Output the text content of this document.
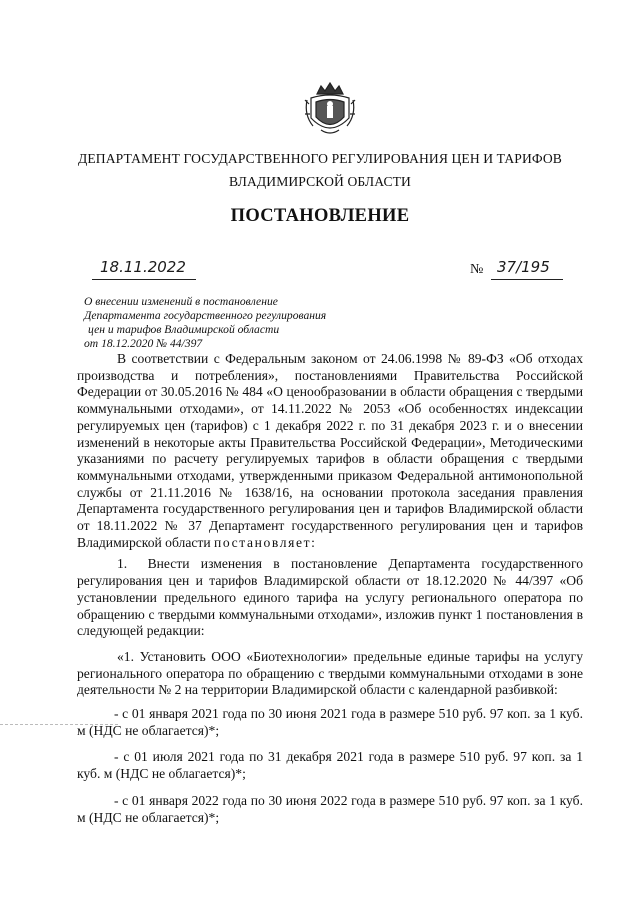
ДЕПАРТАМЕНТ ГОСУДАРСТВЕННОГО РЕГУЛИРОВАНИЯ ЦЕН И ТАРИФОВ
ВЛАДИМИРСКОЙ ОБЛАСТИ
ПОСТАНОВЛЕНИЕ
18.11.2022	№ 37/195
О внесении изменений в постановление
Департамента государственного регулирования
цен и тарифов Владимирской области
от 18.12.2020 № 44/397

В соответствии с Федеральным законом от 24.06.1998 № 89-ФЗ «Об отходах производства и потребления», постановлениями Правительства Российской Федерации от 30.05.2016 № 484 «О ценообразовании в области обращения с твердыми коммунальными отходами», от 14.11.2022 № 2053 «Об особенностях индексации регулируемых цен (тарифов) с 1 декабря 2022 г. по 31 декабря 2023 г. и о внесении изменений в некоторые акты Правительства Российской Федерации», Методическими указаниями по расчету регулируемых тарифов в области обращения с твердыми коммунальными отходами, утвержденными приказом Федеральной антимонопольной службы от 21.11.2016 № 1638/16, на основании протокола заседания правления Департамента государственного регулирования цен и тарифов Владимирской области от 18.11.2022 № 37 Департамент государственного регулирования цен и тарифов Владимирской области постановляет:

1.  Внести изменения в постановление Департамента государственного регулирования цен и тарифов Владимирской области от 18.12.2020 № 44/397 «Об установлении предельного единого тарифа на услугу регионального оператора по обращению с твердыми коммунальными отходами», изложив пункт 1 постановления в следующей редакции:

«1. Установить ООО «Биотехнологии» предельные единые тарифы на услугу регионального оператора по обращению с твердыми коммунальными отходами в зоне деятельности № 2 на территории Владимирской области с календарной разбивкой:

- с 01 января 2021 года по 30 июня 2021 года в размере 510 руб. 97 коп. за 1 куб. м (НДС не облагается)*;

- с 01 июля 2021 года по 31 декабря 2021 года в размере 510 руб. 97 коп. за 1 куб. м (НДС не облагается)*;

- с 01 января 2022 года по 30 июня 2022 года в размере 510 руб. 97 коп. за 1 куб. м (НДС не облагается)*;
